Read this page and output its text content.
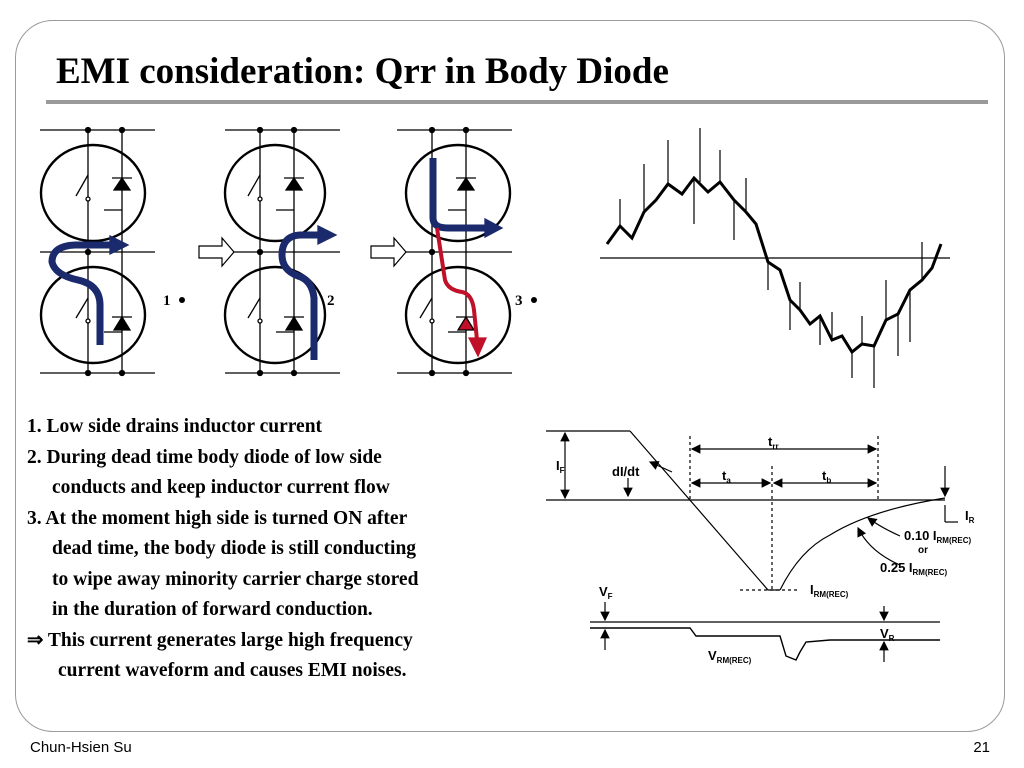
EMI consideration: Qrr in Body Diode
1	2	3
$t_{rr}$
$t_a$	$t_b$
$I_F$	dI/dt
$I_R$
0.10 $I_{RM(REC)}$
or
0.25 $I_{RM(REC)}$
$I_{RM(REC)}$
$V_F$
$V_R$
$V_{RM(REC)}$

1. Low side drains inductor current

2. During dead time body diode of low side

conducts and keep inductor current flow

3. At the moment high side is turned ON after

dead time, the body diode is still conducting

to wipe away minority carrier charge stored

in the duration of forward conduction.

⇒ This current generates large high frequency

current waveform and causes EMI noises.

Chun-Hsien Su	21
